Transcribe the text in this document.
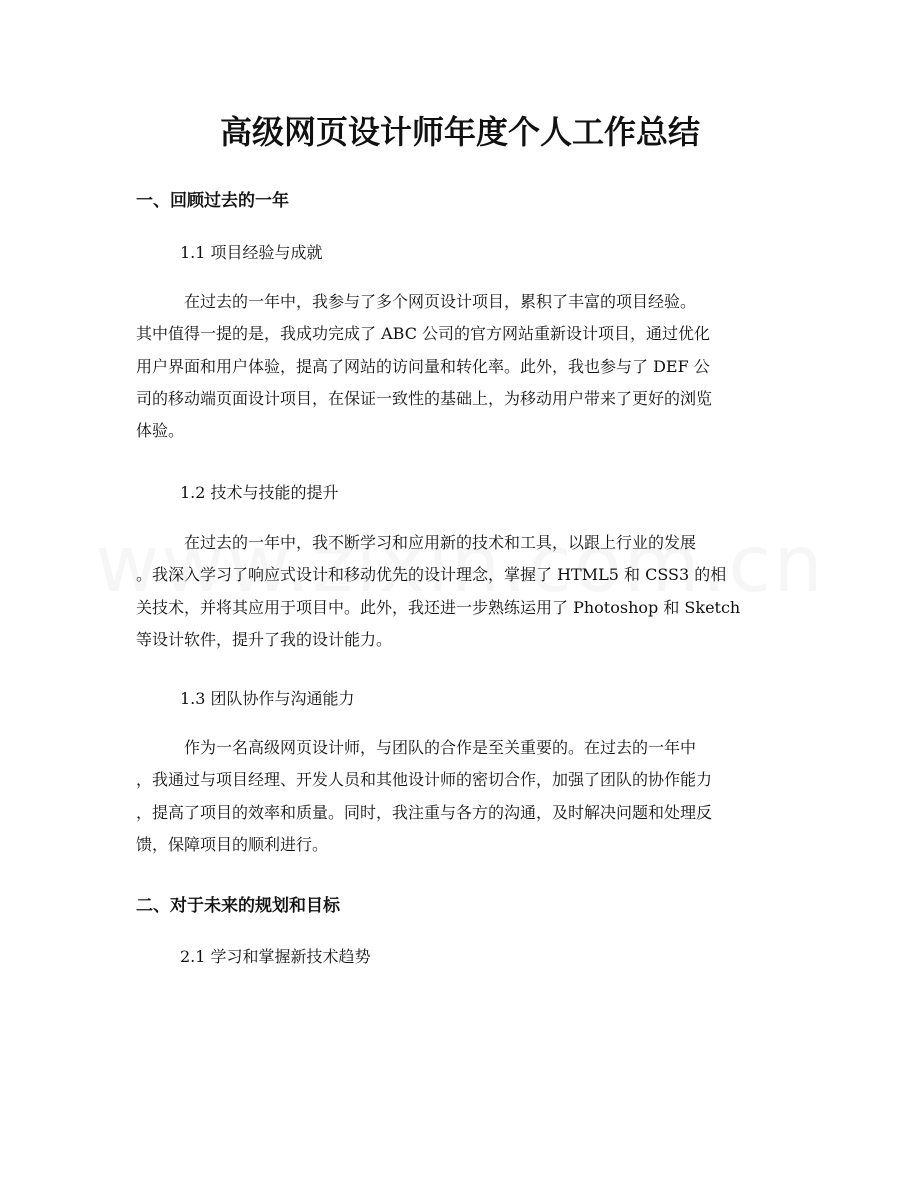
高级网页设计师年度个人工作总结
一、回顾过去的一年
1.1 项目经验与成就
在过去的一年中，我参与了多个网页设计项目，累积了丰富的项目经验。
其中值得一提的是，我成功完成了 ABC 公司的官方网站重新设计项目，通过优化
用户界面和用户体验，提高了网站的访问量和转化率。此外，我也参与了 DEF 公
司的移动端页面设计项目，在保证一致性的基础上，为移动用户带来了更好的浏览
体验。
1.2 技术与技能的提升
在过去的一年中，我不断学习和应用新的技术和工具，以跟上行业的发展
。我深入学习了响应式设计和移动优先的设计理念，掌握了 HTML5 和 CSS3 的相
关技术，并将其应用于项目中。此外，我还进一步熟练运用了 Photoshop 和 Sketch
等设计软件，提升了我的设计能力。
1.3 团队协作与沟通能力
作为一名高级网页设计师，与团队的合作是至关重要的。在过去的一年中
，我通过与项目经理、开发人员和其他设计师的密切合作，加强了团队的协作能力
，提高了项目的效率和质量。同时，我注重与各方的沟通，及时解决问题和处理反
馈，保障项目的顺利进行。
二、对于未来的规划和目标
2.1 学习和掌握新技术趋势
